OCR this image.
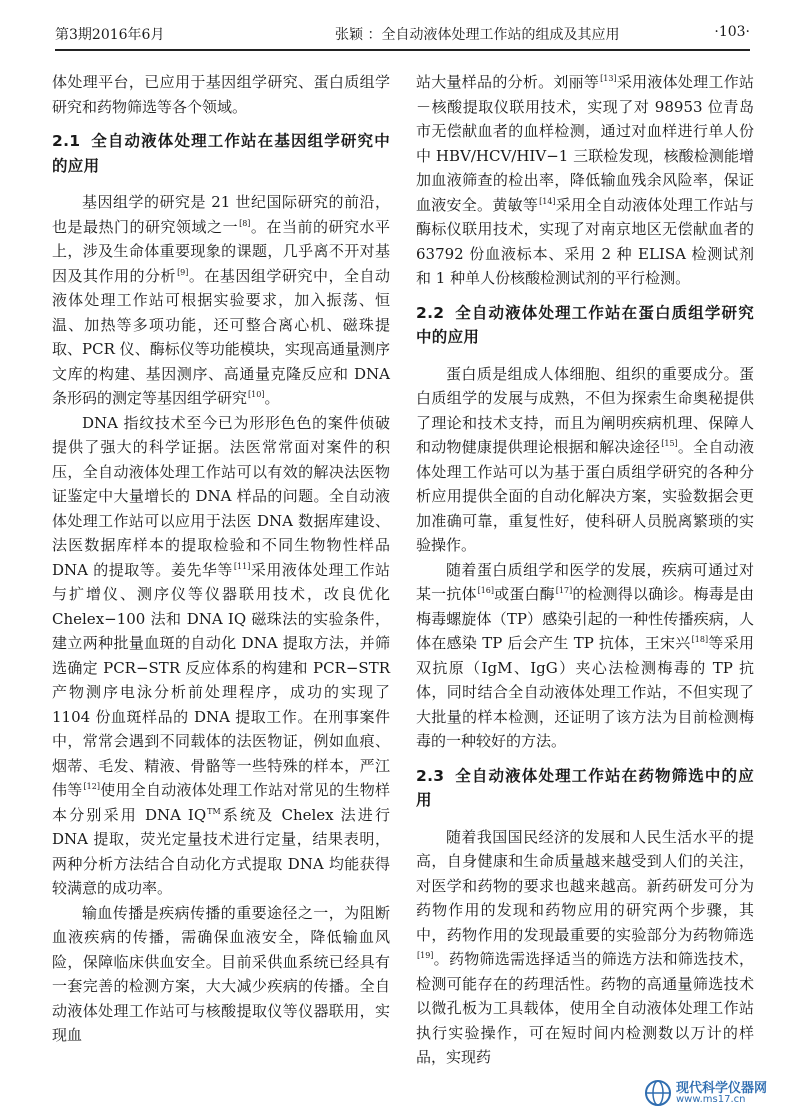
第3期2016年6月	张颖 ：全自动液体处理工作站的组成及其应用	·103·

体处理平台，已应用于基因组学研究、蛋白质组学研究和药物筛选等各个领域。

2.1 全自动液体处理工作站在基因组学研究中的应用

基因组学的研究是 21 世纪国际研究的前沿，也是最热门的研究领域之一[8]。在当前的研究水平上，涉及生命体重要现象的课题，几乎离不开对基因及其作用的分析[9]。在基因组学研究中，全自动液体处理工作站可根据实验要求，加入振荡、恒温、加热等多项功能，还可整合离心机、磁珠提取、PCR 仪、酶标仪等功能模块，实现高通量测序文库的构建、基因测序、高通量克隆反应和 DNA 条形码的测定等基因组学研究[10]。

DNA 指纹技术至今已为形形色色的案件侦破提供了强大的科学证据。法医常常面对案件的积压，全自动液体处理工作站可以有效的解决法医物证鉴定中大量增长的 DNA 样品的问题。全自动液体处理工作站可以应用于法医 DNA 数据库建设、法医数据库样本的提取检验和不同生物物性样品 DNA 的提取等。姜先华等[11]采用液体处理工作站与扩增仪、测序仪等仪器联用技术，改良优化 Chelex−100 法和 DNA IQ 磁珠法的实验条件，建立两种批量血斑的自动化 DNA 提取方法，并筛选确定 PCR−STR 反应体系的构建和 PCR−STR 产物测序电泳分析前处理程序，成功的实现了 1104 份血斑样品的 DNA 提取工作。在刑事案件中，常常会遇到不同载体的法医物证，例如血痕、烟蒂、毛发、精液、骨骼等一些特殊的样本，严江伟等[12]使用全自动液体处理工作站对常见的生物样本分别采用 DNA IQ™系统及 Chelex 法进行 DNA 提取，荧光定量技术进行定量，结果表明，两种分析方法结合自动化方式提取 DNA 均能获得较满意的成功率。

输血传播是疾病传播的重要途径之一，为阻断血液疾病的传播，需确保血液安全，降低输血风险，保障临床供血安全。目前采供血系统已经具有一套完善的检测方案，大大减少疾病的传播。全自动液体处理工作站可与核酸提取仪等仪器联用，实现血

站大量样品的分析。刘丽等[13]采用液体处理工作站－核酸提取仪联用技术，实现了对 98953 位青岛市无偿献血者的血样检测，通过对血样进行单人份中 HBV/HCV/HIV−1 三联检发现，核酸检测能增加血液筛查的检出率，降低输血残余风险率，保证血液安全。黄敏等[14]采用全自动液体处理工作站与酶标仪联用技术，实现了对南京地区无偿献血者的 63792 份血液标本、采用 2 种 ELISA 检测试剂和 1 种单人份核酸检测试剂的平行检测。

2.2 全自动液体处理工作站在蛋白质组学研究中的应用

蛋白质是组成人体细胞、组织的重要成分。蛋白质组学的发展与成熟，不但为探索生命奥秘提供了理论和技术支持，而且为阐明疾病机理、保障人和动物健康提供理论根据和解决途径[15]。全自动液体处理工作站可以为基于蛋白质组学研究的各种分析应用提供全面的自动化解决方案，实验数据会更加准确可靠，重复性好，使科研人员脱离繁琐的实验操作。

随着蛋白质组学和医学的发展，疾病可通过对某一抗体[16]或蛋白酶[17]的检测得以确诊。梅毒是由梅毒螺旋体（TP）感染引起的一种性传播疾病，人体在感染 TP 后会产生 TP 抗体，王宋兴[18]等采用双抗原（IgM、IgG）夹心法检测梅毒的 TP 抗体，同时结合全自动液体处理工作站，不但实现了大批量的样本检测，还证明了该方法为目前检测梅毒的一种较好的方法。

2.3 全自动液体处理工作站在药物筛选中的应用

随着我国国民经济的发展和人民生活水平的提高，自身健康和生命质量越来越受到人们的关注，对医学和药物的要求也越来越高。新药研发可分为药物作用的发现和药物应用的研究两个步骤，其中，药物作用的发现最重要的实验部分为药物筛选[19]。药物筛选需选择适当的筛选方法和筛选技术，检测可能存在的药理活性。药物的高通量筛选技术以微孔板为工具载体，使用全自动液体处理工作站执行实验操作，可在短时间内检测数以万计的样品，实现药

现代科学仪器网
www.ms17.cn
